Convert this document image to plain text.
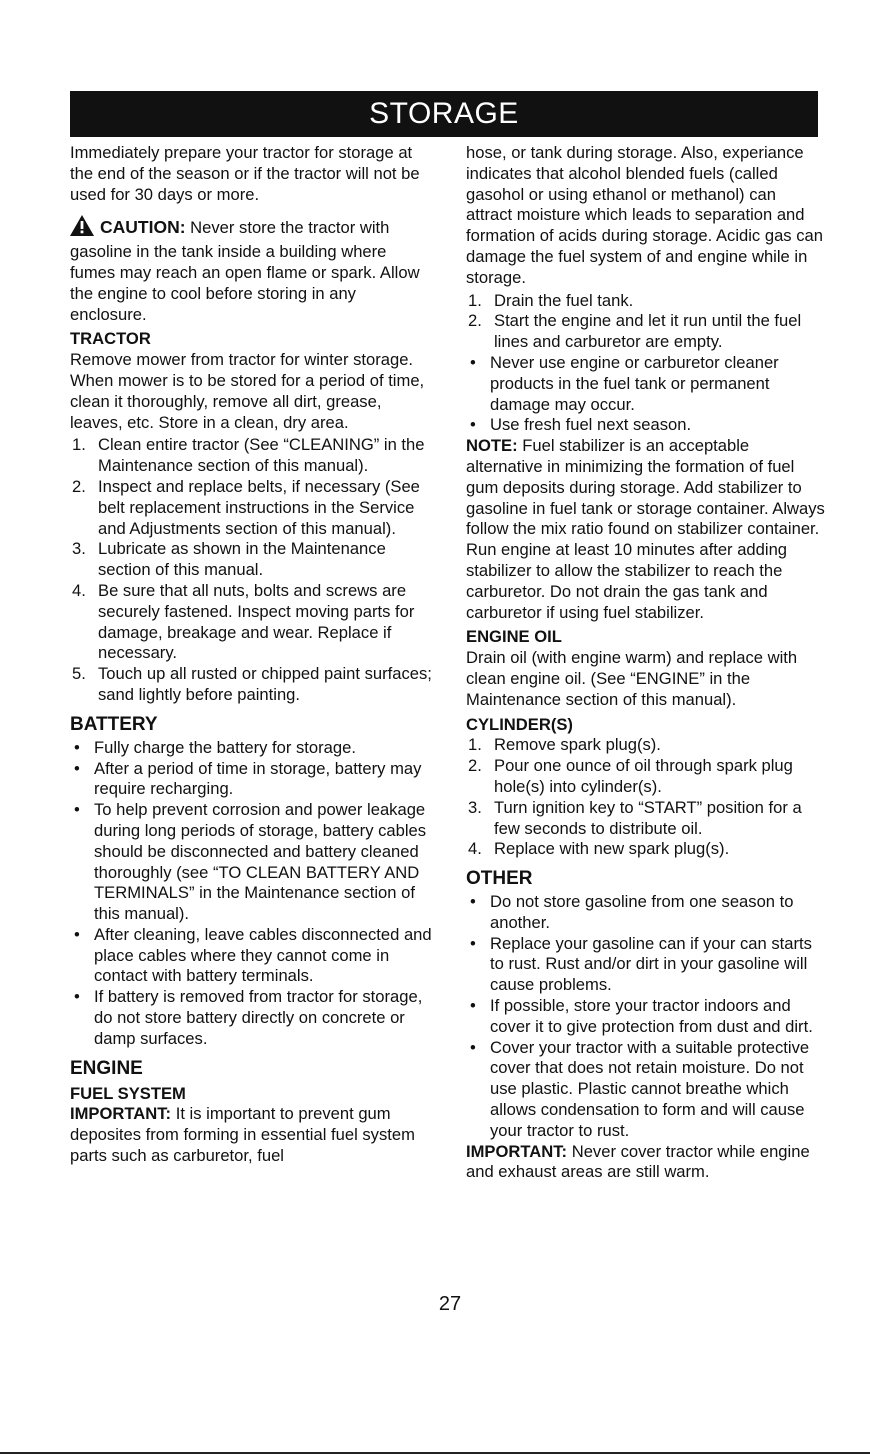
STORAGE

Immediately prepare your tractor for storage at the end of the season or if the tractor will not be used for 30 days or more.

CAUTION: Never store the tractor with gasoline in the tank inside a building where fumes may reach an open flame or spark. Allow the engine to cool before storing in any enclosure.

TRACTOR

Remove mower from tractor for winter storage. When mower is to be stored for a period of time, clean it thoroughly, remove all dirt, grease, leaves, etc. Store in a clean, dry area.

1. Clean entire tractor (See “CLEANING” in the Maintenance section of this manual).
2. Inspect and replace belts, if necessary (See belt replacement instructions in the Service and Adjustments section of this manual).
3. Lubricate as shown in the Maintenance section of this manual.
4. Be sure that all nuts, bolts and screws are securely fastened. Inspect moving parts for damage, breakage and wear. Replace if necessary.
5. Touch up all rusted or chipped paint surfaces; sand lightly before painting.
BATTERY
• Fully charge the battery for storage.
• After a period of time in storage, battery may require recharging.
• To help prevent corrosion and power leakage during long periods of storage, battery cables should be disconnected and battery cleaned thoroughly (see “TO CLEAN BATTERY AND TERMINALS” in the Maintenance section of this manual).
• After cleaning, leave cables disconnected and place cables where they cannot come in contact with battery terminals.
• If battery is removed from tractor for storage, do not store battery directly on concrete or damp surfaces.
ENGINE
FUEL SYSTEM

IMPORTANT: It is important to prevent gum deposites from forming in essential fuel system parts such as carburetor, fuel

hose, or tank during storage. Also, experiance indicates that alcohol blended fuels (called gasohol or using ethanol or methanol) can attract moisture which leads to separation and formation of acids during storage. Acidic gas can damage the fuel system of and engine while in storage.

1. Drain the fuel tank.
2. Start the engine and let it run until the fuel lines and carburetor are empty.
• Never use engine or carburetor cleaner products in the fuel tank or permanent damage may occur.
• Use fresh fuel next season.

NOTE: Fuel stabilizer is an acceptable alternative in minimizing the formation of fuel gum deposits during storage. Add stabilizer to gasoline in fuel tank or storage container. Always follow the mix ratio found on stabilizer container. Run engine at least 10 minutes after adding stabilizer to allow the stabilizer to reach the carburetor. Do not drain the gas tank and carburetor if using fuel stabilizer.

ENGINE OIL

Drain oil (with engine warm) and replace with clean engine oil. (See “ENGINE” in the Maintenance section of this manual).

CYLINDER(S)
1. Remove spark plug(s).
2. Pour one ounce of oil through spark plug hole(s) into cylinder(s).
3. Turn ignition key to “START” position for a few seconds to distribute oil.
4. Replace with new spark plug(s).
OTHER
• Do not store gasoline from one season to another.
• Replace your gasoline can if your can starts to rust. Rust and/or dirt in your gasoline will cause problems.
• If possible, store your tractor indoors and cover it to give protection from dust and dirt.
• Cover your tractor with a suitable protective cover that does not retain moisture. Do not use plastic. Plastic cannot breathe which allows condensation to form and will cause your tractor to rust.

IMPORTANT: Never cover tractor while engine and exhaust areas are still warm.

27
